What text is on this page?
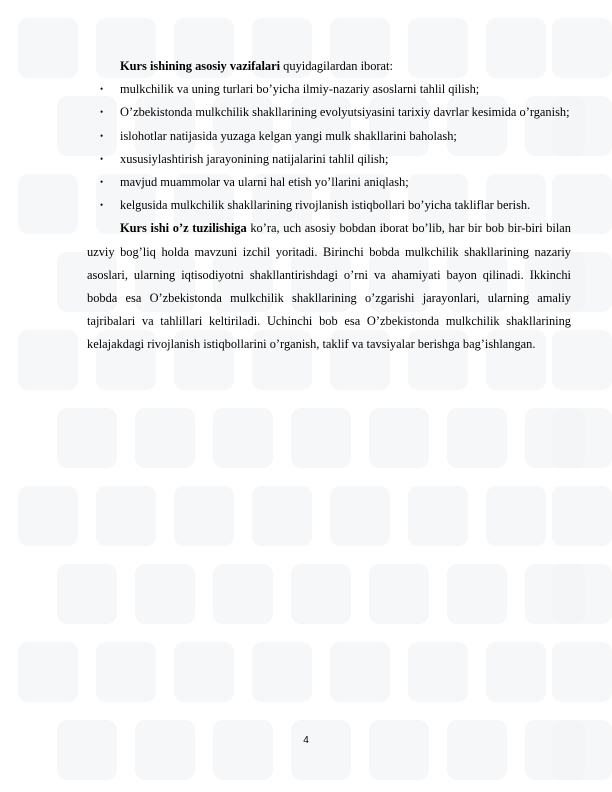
Kurs ishining asosiy vazifalari quyidagilardan iborat:

• mulkchilik va uning turlari bo’yicha ilmiy-nazariy asoslarni tahlil qilish;
• O’zbekistonda mulkchilik shakllarining evolyutsiyasini tarixiy davrlar kesimida o’rganish;
• islohotlar natijasida yuzaga kelgan yangi mulk shakllarini baholash;
• xususiylashtirish jarayonining natijalarini tahlil qilish;
• mavjud muammolar va ularni hal etish yo’llarini aniqlash;
• kelgusida mulkchilik shakllarining rivojlanish istiqbollari bo’yicha takliflar berish.

Kurs ishi o’z tuzilishiga ko’ra, uch asosiy bobdan iborat bo’lib, har bir bob bir-biri bilan uzviy bog’liq holda mavzuni izchil yoritadi. Birinchi bobda mulkchilik shakllarining nazariy asoslari, ularning iqtisodiyotni shakllantirishdagi o’rni va ahamiyati bayon qilinadi. Ikkinchi bobda esa O’zbekistonda mulkchilik shakllarining o’zgarishi jarayonlari, ularning amaliy tajribalari va tahlillari keltiriladi. Uchinchi bob esa O’zbekistonda mulkchilik shakllarining kelajakdagi rivojlanish istiqbollarini o’rganish, taklif va tavsiyalar berishga bag’ishlangan.

4
